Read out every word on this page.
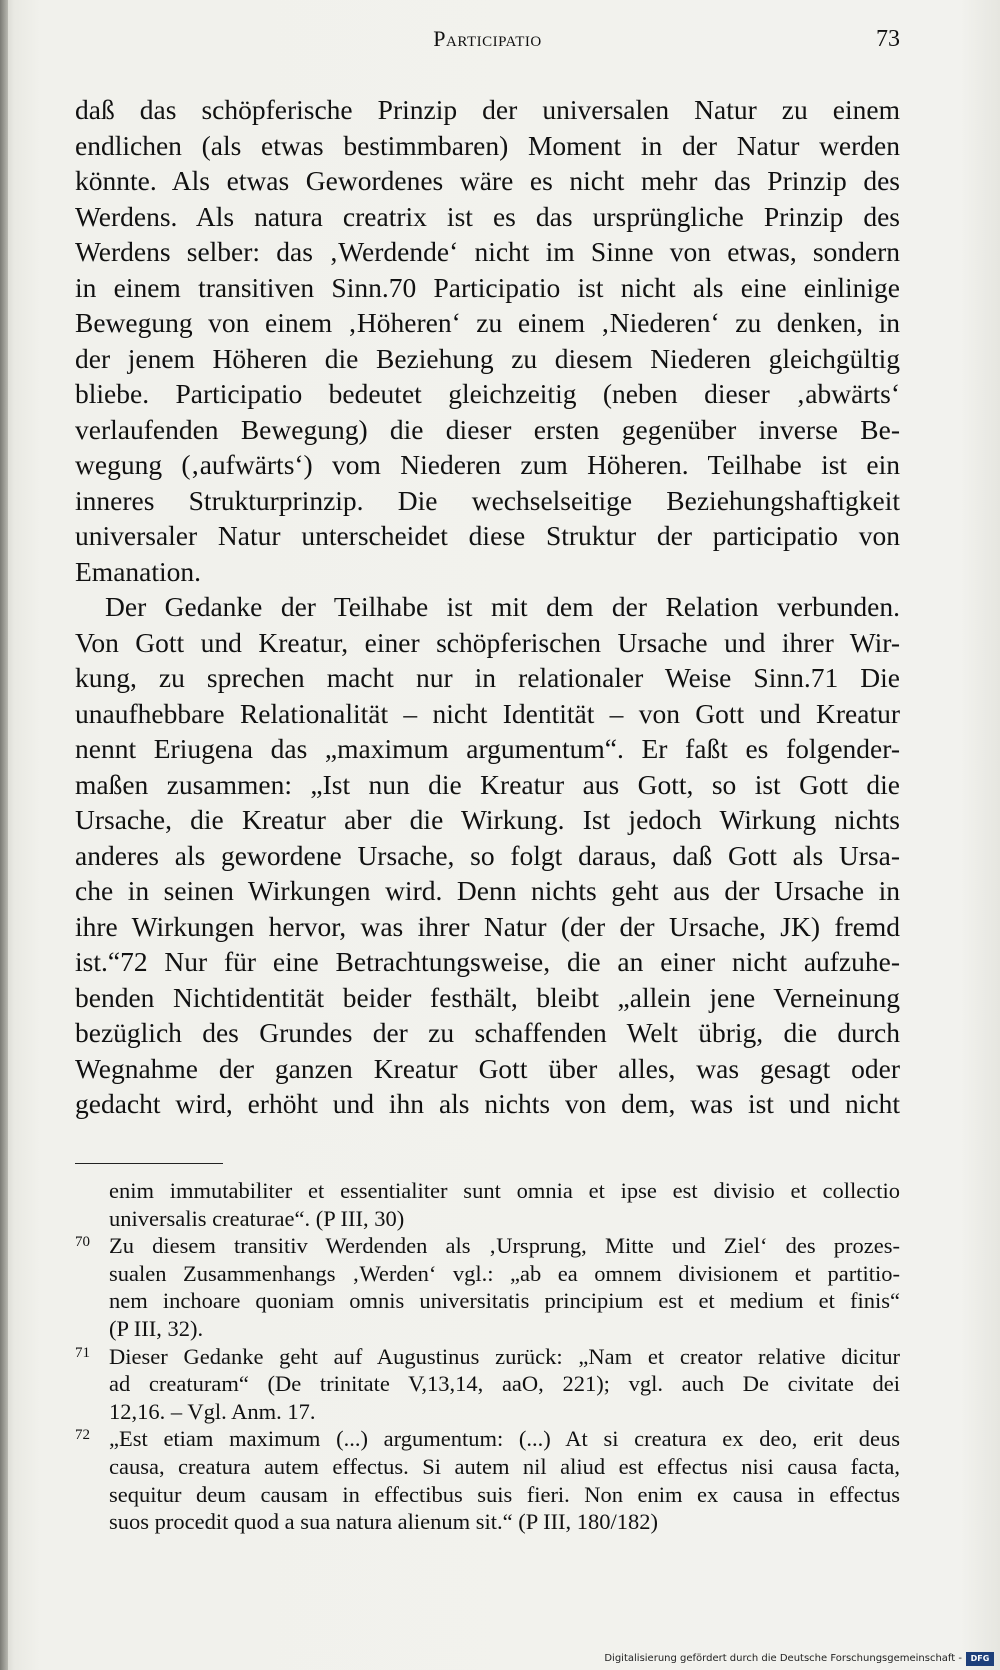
Participatio	73
daß das schöpferische Prinzip der universalen Natur zu einem
endlichen (als etwas bestimmbaren) Moment in der Natur werden
könnte. Als etwas Gewordenes wäre es nicht mehr das Prinzip des
Werdens. Als natura creatrix ist es das ursprüngliche Prinzip des
Werdens selber: das ‚Werdende‘ nicht im Sinne von etwas, sondern
in einem transitiven Sinn.70 Participatio ist nicht als eine einlinige
Bewegung von einem ‚Höheren‘ zu einem ‚Niederen‘ zu denken, in
der jenem Höheren die Beziehung zu diesem Niederen gleichgültig
bliebe. Participatio bedeutet gleichzeitig (neben dieser ‚abwärts‘
verlaufenden Bewegung) die dieser ersten gegenüber inverse Be-
wegung (‚aufwärts‘) vom Niederen zum Höheren. Teilhabe ist ein
inneres Strukturprinzip. Die wechselseitige Beziehungshaftigkeit
universaler Natur unterscheidet diese Struktur der participatio von
Emanation.
Der Gedanke der Teilhabe ist mit dem der Relation verbunden.
Von Gott und Kreatur, einer schöpferischen Ursache und ihrer Wir-
kung, zu sprechen macht nur in relationaler Weise Sinn.71 Die
unaufhebbare Relationalität – nicht Identität – von Gott und Kreatur
nennt Eriugena das „maximum argumentum“. Er faßt es folgender-
maßen zusammen: „Ist nun die Kreatur aus Gott, so ist Gott die
Ursache, die Kreatur aber die Wirkung. Ist jedoch Wirkung nichts
anderes als gewordene Ursache, so folgt daraus, daß Gott als Ursa-
che in seinen Wirkungen wird. Denn nichts geht aus der Ursache in
ihre Wirkungen hervor, was ihrer Natur (der der Ursache, JK) fremd
ist.“72 Nur für eine Betrachtungsweise, die an einer nicht aufzuhe-
benden Nichtidentität beider festhält, bleibt „allein jene Verneinung
bezüglich des Grundes der zu schaffenden Welt übrig, die durch
Wegnahme der ganzen Kreatur Gott über alles, was gesagt oder
gedacht wird, erhöht und ihn als nichts von dem, was ist und nicht
enim immutabiliter et essentialiter sunt omnia et ipse est divisio et collectio
universalis creaturae“. (P III, 30)
70 Zu diesem transitiv Werdenden als ‚Ursprung, Mitte und Ziel‘ des prozes-
sualen Zusammenhangs ‚Werden‘ vgl.: „ab ea omnem divisionem et partitio-
nem inchoare quoniam omnis universitatis principium est et medium et finis“
(P III, 32).
71 Dieser Gedanke geht auf Augustinus zurück: „Nam et creator relative dicitur
ad creaturam“ (De trinitate V,13,14, aaO, 221); vgl. auch De civitate dei
12,16. – Vgl. Anm. 17.
72 „Est etiam maximum (...) argumentum: (...) At si creatura ex deo, erit deus
causa, creatura autem effectus. Si autem nil aliud est effectus nisi causa facta,
sequitur deum causam in effectibus suis fieri. Non enim ex causa in effectus
suos procedit quod a sua natura alienum sit.“ (P III, 180/182)
Digitalisierung gefördert durch die Deutsche Forschungsgemeinschaft -	DFG
